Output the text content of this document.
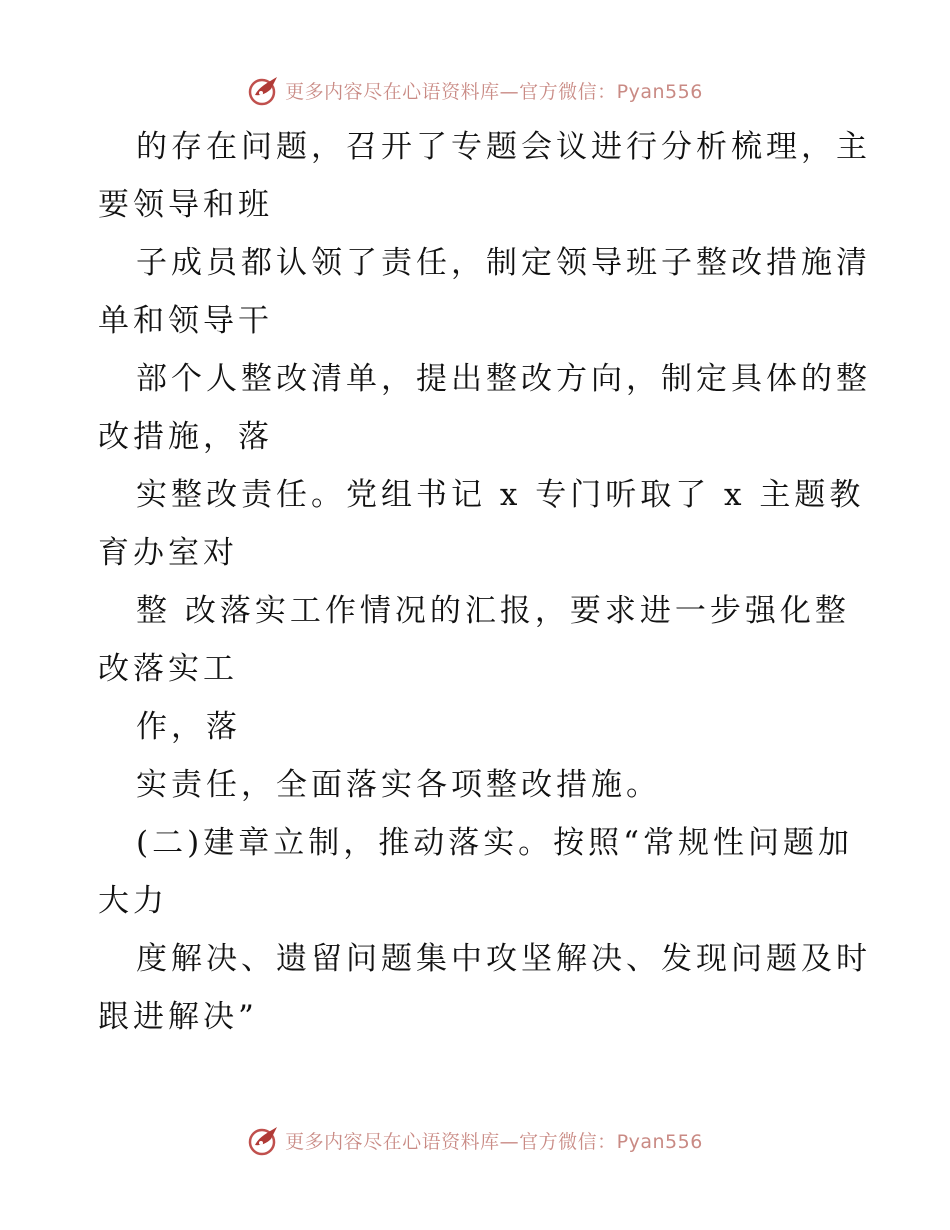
更多内容尽在心语资料库—官方微信：Pyan556
的存在问题，召开了专题会议进行分析梳理，主
要领导和班
子成员都认领了责任，制定领导班子整改措施清
单和领导干
部个人整改清单，提出整改方向，制定具体的整
改措施，落
实整改责任。党组书记 x 专门听取了 x 主题教
育办室对
整 改落实工作情况的汇报，要求进一步强化整
改落实工
作，落
实责任，全面落实各项整改措施。
(二)建章立制，推动落实。按照“常规性问题加
大力
度解决、遗留问题集中攻坚解决、发现问题及时
跟进解决”
更多内容尽在心语资料库—官方微信：Pyan556
